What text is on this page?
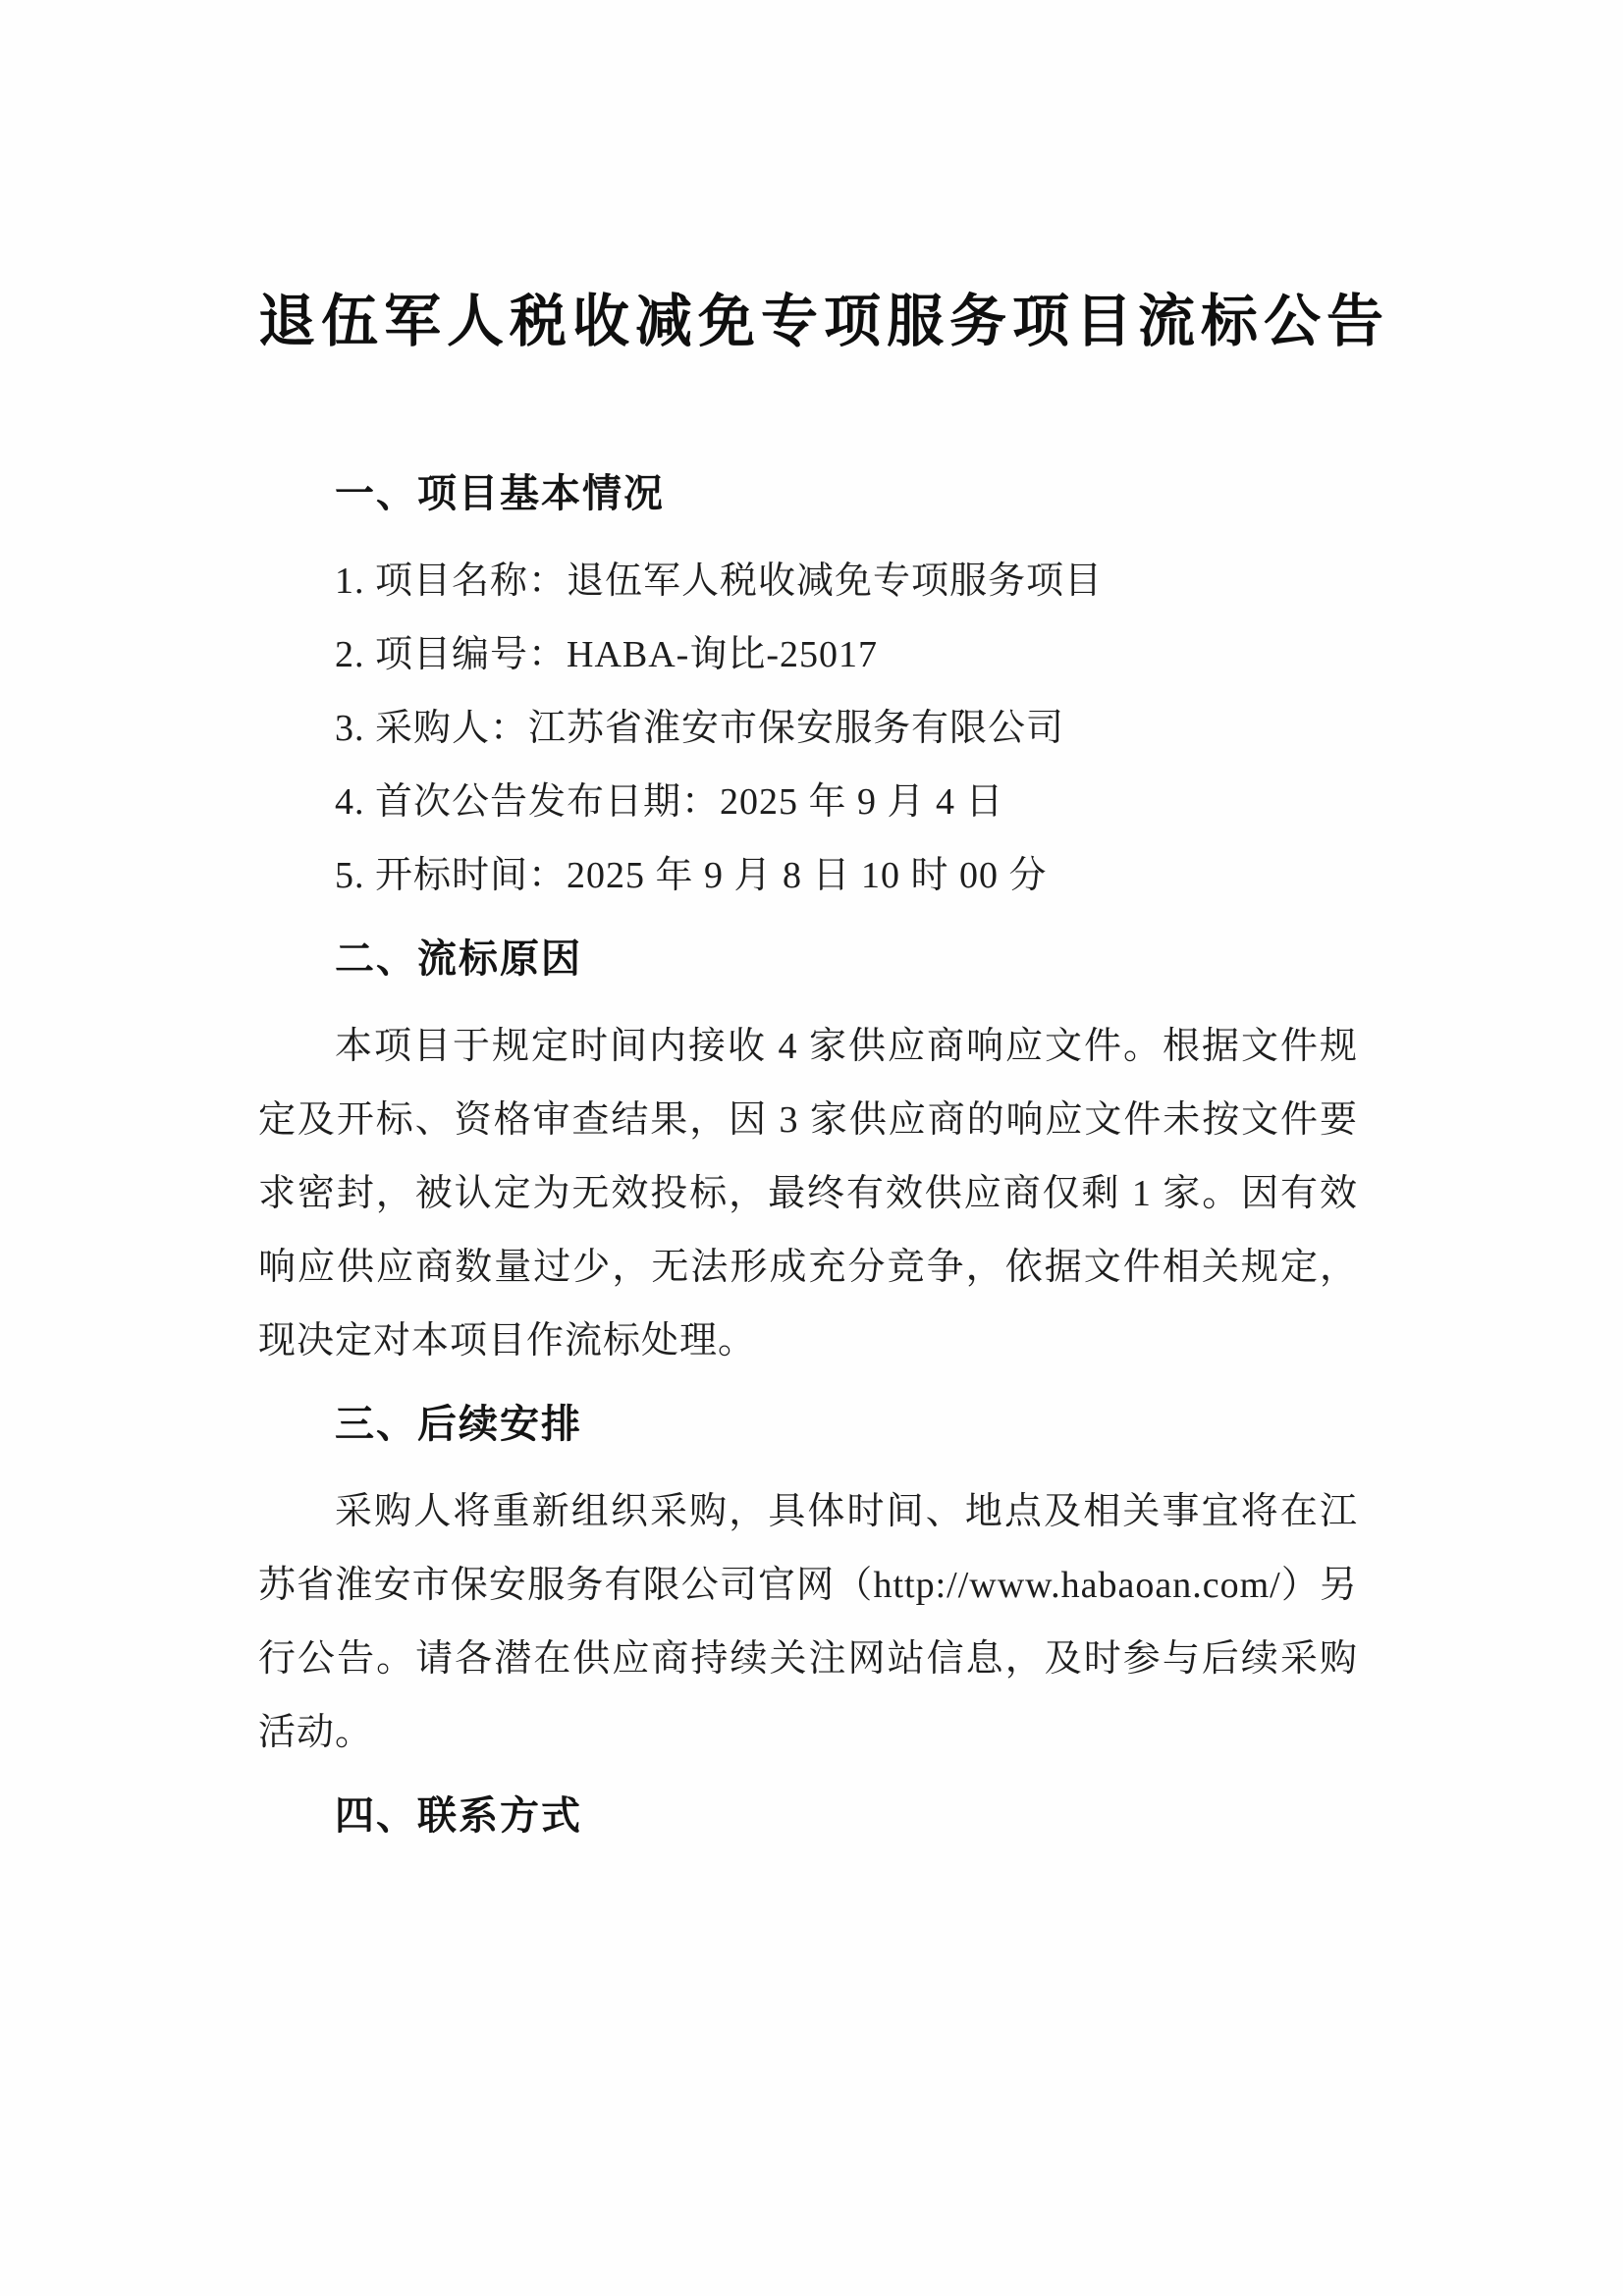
退伍军人税收减免专项服务项目流标公告
一、项目基本情况

1. 项目名称：退伍军人税收减免专项服务项目

2. 项目编号：HABA-询比-25017

3. 采购人：江苏省淮安市保安服务有限公司

4. 首次公告发布日期：2025 年 9 月 4 日

5. 开标时间：2025 年 9 月 8 日 10 时 00 分

二、流标原因

本项目于规定时间内接收 4 家供应商响应文件。根据文件规定及开标、资格审查结果，因 3 家供应商的响应文件未按文件要求密封，被认定为无效投标，最终有效供应商仅剩 1 家。因有效响应供应商数量过少，无法形成充分竞争，依据文件相关规定，现决定对本项目作流标处理。

三、后续安排

采购人将重新组织采购，具体时间、地点及相关事宜将在江苏省淮安市保安服务有限公司官网（http://www.habaoan.com/）另行公告。请各潜在供应商持续关注网站信息，及时参与后续采购活动。

四、联系方式
